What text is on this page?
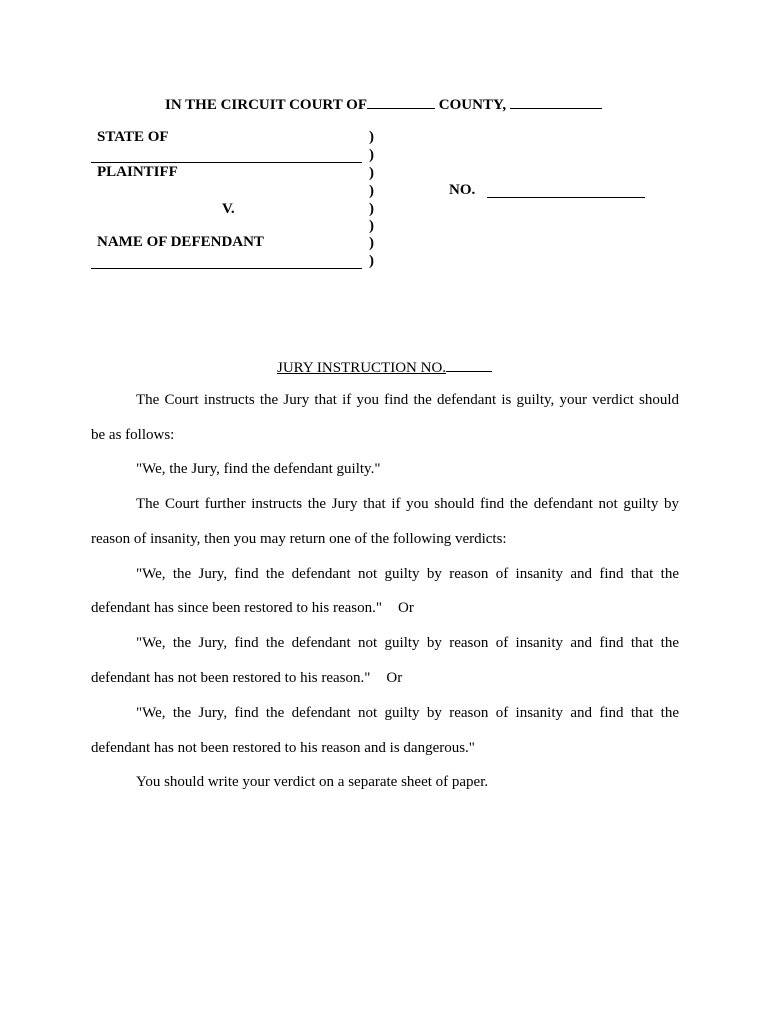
IN THE CIRCUIT COURT OF	COUNTY,
STATE OF
PLAINTIFF
V.
NAME OF DEFENDANT
)
)
)
)
)
)
)
)
NO.
JURY INSTRUCTION NO.
The Court instructs the Jury that if you find the defendant is guilty, your verdict should
be as follows:
"We, the Jury, find the defendant guilty."
The Court further instructs the Jury that if you should find the defendant not guilty by
reason of insanity, then you may return one of the following verdicts:
"We, the Jury, find the defendant not guilty by reason of insanity and find that the
defendant has since been restored to his reason." Or
"We, the Jury, find the defendant not guilty by reason of insanity and find that the
defendant has not been restored to his reason." Or
"We, the Jury, find the defendant not guilty by reason of insanity and find that the
defendant has not been restored to his reason and is dangerous."
You should write your verdict on a separate sheet of paper.
